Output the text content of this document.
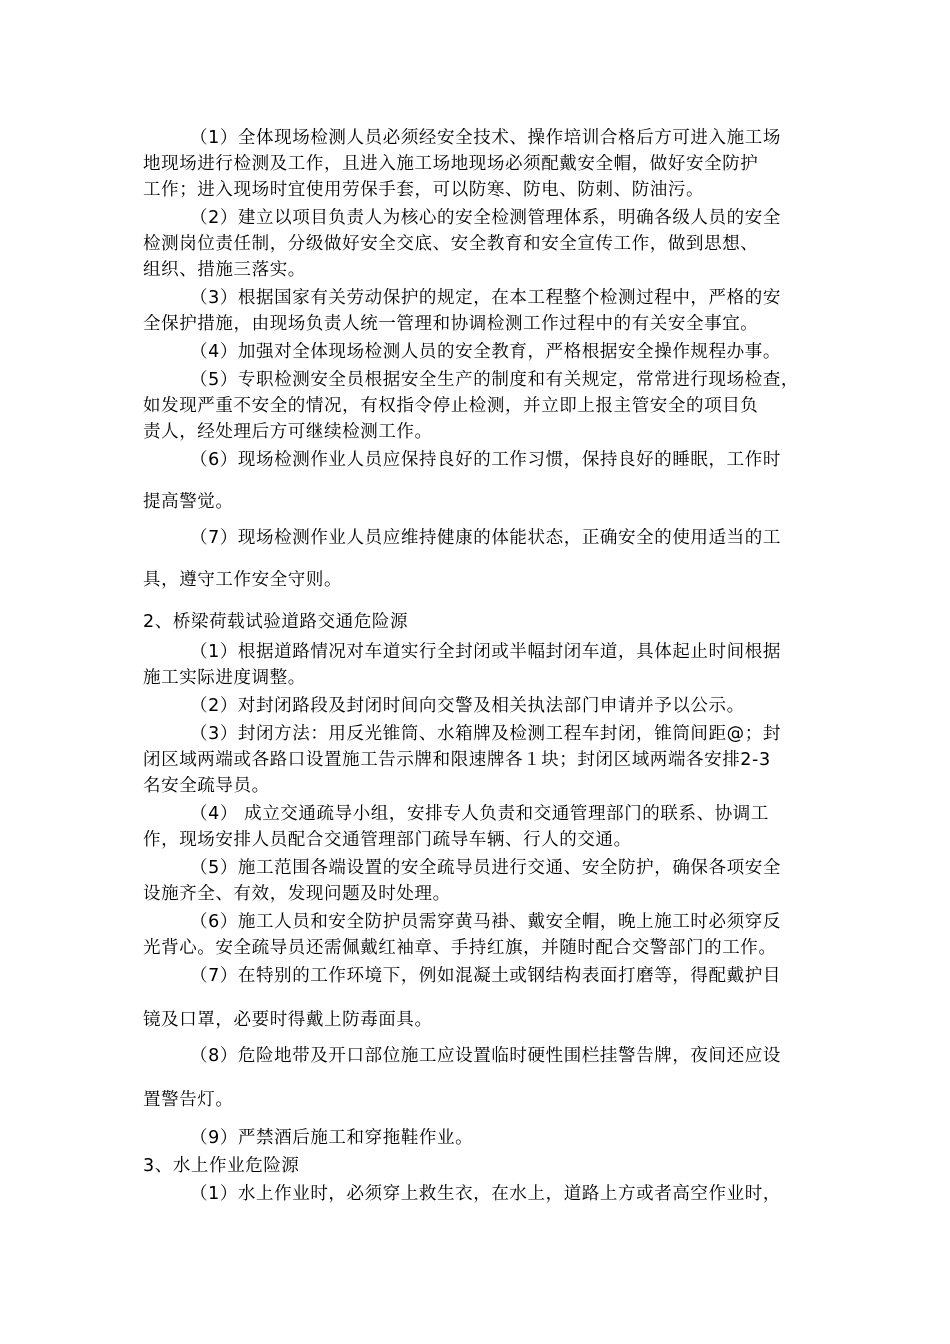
（1）全体现场检测人员必须经安全技术、操作培训合格后方可进入施工场
地现场进行检测及工作，且进入施工场地现场必须配戴安全帽，做好安全防护
工作；进入现场时宜使用劳保手套，可以防寒、防电、防刺、防油污。
（2）建立以项目负责人为核心的安全检测管理体系，明确各级人员的安全
检测岗位责任制，分级做好安全交底、安全教育和安全宣传工作，做到思想、
组织、措施三落实。
（3）根据国家有关劳动保护的规定，在本工程整个检测过程中，严格的安
全保护措施，由现场负责人统一管理和协调检测工作过程中的有关安全事宜。
（4）加强对全体现场检测人员的安全教育，严格根据安全操作规程办事。
（5）专职检测安全员根据安全生产的制度和有关规定，常常进行现场检查，
如发现严重不安全的情况，有权指令停止检测，并立即上报主管安全的项目负
责人，经处理后方可继续检测工作。
（6）现场检测作业人员应保持良好的工作习惯，保持良好的睡眠，工作时
提高警觉。
（7）现场检测作业人员应维持健康的体能状态，正确安全的使用适当的工
具，遵守工作安全守则。
2、桥梁荷载试验道路交通危险源
（1）根据道路情况对车道实行全封闭或半幅封闭车道，具体起止时间根据
施工实际进度调整。
（2）对封闭路段及封闭时间向交警及相关执法部门申请并予以公示。
（3）封闭方法：用反光锥筒、水箱牌及检测工程车封闭，锥筒间距@；封
闭区域两端或各路口设置施工告示牌和限速牌各１块；封闭区域两端各安排2-3
名安全疏导员。
（4） 成立交通疏导小组，安排专人负责和交通管理部门的联系、协调工
作，现场安排人员配合交通管理部门疏导车辆、行人的交通。
（5）施工范围各端设置的安全疏导员进行交通、安全防护，确保各项安全
设施齐全、有效，发现问题及时处理。
（6）施工人员和安全防护员需穿黄马褂、戴安全帽，晚上施工时必须穿反
光背心。安全疏导员还需佩戴红袖章、手持红旗，并随时配合交警部门的工作。
（7）在特别的工作环境下，例如混凝土或钢结构表面打磨等，得配戴护目
镜及口罩，必要时得戴上防毒面具。
（8）危险地带及开口部位施工应设置临时硬性围栏挂警告牌，夜间还应设
置警告灯。
（9）严禁酒后施工和穿拖鞋作业。
3、水上作业危险源
（1）水上作业时，必须穿上救生衣，在水上，道路上方或者高空作业时，
